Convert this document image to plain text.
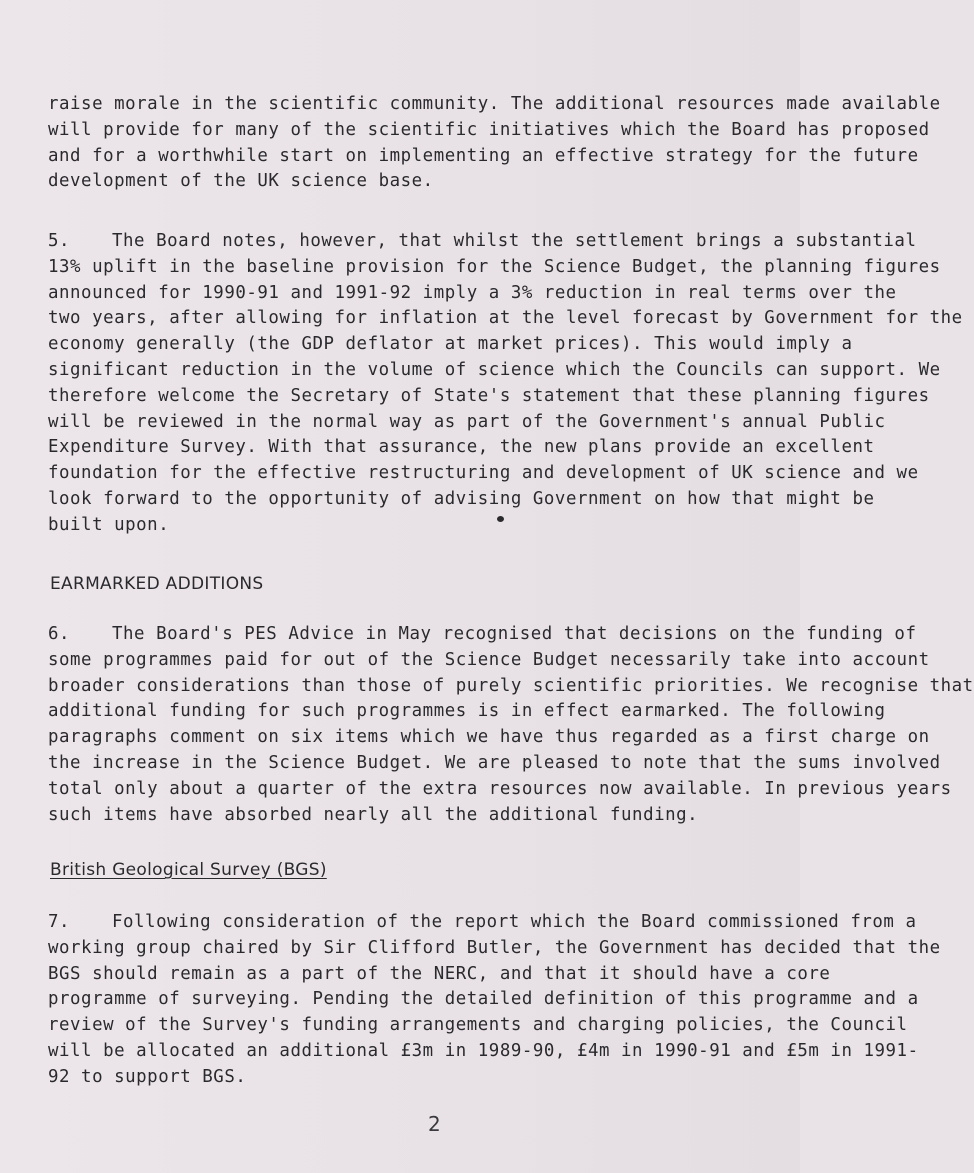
raise morale in the scientific community. The additional resources made available
will provide for many of the scientific initiatives which the Board has proposed
and for a worthwhile start on implementing an effective strategy for the future
development of the UK science base.
5. The Board notes, however, that whilst the settlement brings a substantial
13% uplift in the baseline provision for the Science Budget, the planning figures
announced for 1990-91 and 1991-92 imply a 3% reduction in real terms over the
two years, after allowing for inflation at the level forecast by Government for the
economy generally (the GDP deflator at market prices). This would imply a
significant reduction in the volume of science which the Councils can support. We
therefore welcome the Secretary of State's statement that these planning figures
will be reviewed in the normal way as part of the Government's annual Public
Expenditure Survey. With that assurance, the new plans provide an excellent
foundation for the effective restructuring and development of UK science and we
look forward to the opportunity of advising Government on how that might be
built upon.
EARMARKED ADDITIONS
6. The Board's PES Advice in May recognised that decisions on the funding of
some programmes paid for out of the Science Budget necessarily take into account
broader considerations than those of purely scientific priorities. We recognise that
additional funding for such programmes is in effect earmarked. The following
paragraphs comment on six items which we have thus regarded as a first charge on
the increase in the Science Budget. We are pleased to note that the sums involved
total only about a quarter of the extra resources now available. In previous years
such items have absorbed nearly all the additional funding.
British Geological Survey (BGS)
7. Following consideration of the report which the Board commissioned from a
working group chaired by Sir Clifford Butler, the Government has decided that the
BGS should remain as a part of the NERC, and that it should have a core
programme of surveying. Pending the detailed definition of this programme and a
review of the Survey's funding arrangements and charging policies, the Council
will be allocated an additional £3m in 1989-90, £4m in 1990-91 and £5m in 1991-
92 to support BGS.
2
